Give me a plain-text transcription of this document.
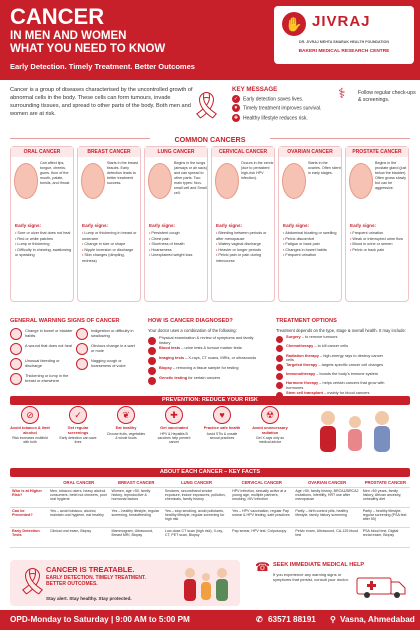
CANCER
IN MEN AND WOMEN
WHAT YOU NEED TO KNOW
Early Detection. Timely Treatment. Better Outcomes
✋ JIVRAJ
DR. JIVRAJ MEHTA SMARAK HEALTH FOUNDATION
BAKERI MEDICAL RESEARCH CENTRE

Cancer is a group of diseases characterised by the uncontrolled growth of abnormal cells in the body. These cells can form tumours, invade surrounding tissues, and spread to other parts of the body. Both men and women are at risk.	🎗
KEY MESSAGE
✓ Early detection saves lives.
♥ Timely treatment improves survival.
✚ Healthy lifestyle reduces risk.
⚕ Follow regular check-ups & screenings.
COMMON CANCERS
ORAL CANCER
Can affect lips, tongue, cheeks, gums, floor of the mouth, palate, tonsils, and throat.
Early signs:
• Sore or ulcer that does not heal
• Red or white patches
• Lump or thickening
• Difficulty in chewing, swallowing or speaking
BREAST CANCER
Starts in the breast tissues. Early detection leads to better treatment success.
Early signs:
• Lump or thickening in breast or underarm
• Change in size or shape
• Nipple inversion or discharge
• Skin changes (dimpling, redness)
LUNG CANCER
Begins in the lungs (airways or air sacs) and can spread to other parts. Two main types: Non-small cell and Small cell.
Early signs:
• Persistent cough
• Chest pain
• Shortness of breath
• Hoarseness
• Unexplained weight loss
CERVICAL CANCER
Occurs in the cervix (due to persistent high-risk HPV infection).
Early signs:
• Bleeding between periods or after menopause
• Watery vaginal discharge
• Heavier or longer periods
• Pelvic pain or pain during intercourse
OVARIAN CANCER
Starts in the ovaries. Often silent in early stages.
Early signs:
• Abdominal bloating or swelling
• Pelvic discomfort
• Fatigue or back pain
• Changes in bowel habits
• Frequent urination
PROSTATE CANCER
Begins in the prostate gland (just below the bladder). Often grows slowly but can be aggressive.
Early signs:
• Frequent urination
• Weak or interrupted urine flow
• Blood in urine or semen
• Pelvic or back pain
GENERAL WARNING SIGNS OF CANCER
Change in bowel or bladder habits
Indigestion or difficulty in swallowing
A wound that does not heal	Obvious change in a wart or mole
Unusual bleeding or discharge
Nagging cough or hoarseness of voice
Thickening or lump in the breast or elsewhere
HOW IS CANCER DIAGNOSED?
Your doctor uses a combination of the following:
Physical examination & review of symptoms and family history
Blood tests – urine tests & tumour marker tests
Imaging tests – X-rays, CT scans, MRIs, or ultrasounds
Biopsy – removing a tissue sample for testing
Genetic testing for certain cancers
TREATMENT OPTIONS
Treatment depends on the type, stage & overall health. It may include:
Surgery – to remove tumours
Chemotherapy – to kill cancer cells
Radiation therapy – high-energy rays to destroy cancer cells
Targeted therapy – targets specific cancer cell changes
Immunotherapy – boosts the body's immune system
Hormone therapy – helps certain cancers that grow with hormones
Stem cell transplant – mainly for blood cancers
PREVENTION: REDUCE YOUR RISK
⊘
Avoid tobacco & limit alcohol
Risk increases multifold with both
✓
Get regular screenings
Early detection can save lives
❦
Eat healthy
Choose fruits, vegetables & whole foods
✚
Get vaccinated
HPV & Hepatitis B vaccines help prevent cancer
♥
Practice safe health
Avoid STIs & unsafe sexual practices
☢
Avoid unnecessary radiation
Get X-rays only as medical advice
ABOUT EACH CANCER – KEY FACTS
	ORAL CANCER	BREAST CANCER	LUNG CANCER	CERVICAL CANCER	OVARIAN CANCER	PROSTATE CANCER
Who is at Higher Risk?	Men, tobacco users, heavy alcohol consumers, betel nut chewers, poor oral hygiene	Women, age >50, family history, reproductive & hormonal factors	Smokers, secondhand smoke exposure, indoor exposures, pollution, chemicals, family history	HPV infection, sexually active at a young age, multiple partners, smoking, HIV infection	Age >50, family history, BRCA1/BRCA2 mutations, infertility, HRT use after menopause	Men >50 years, family history, African ancestry, unhealthy diet
Can be Prevented?	Yes – avoid tobacco, alcohol, maintain oral hygiene, eat healthy	Yes – healthy lifestyle, regular screening, breastfeeding	Yes – stop smoking, avoid pollutants, healthy lifestyle, regular screening for high risk	Yes – HPV vaccination, regular Pap smear & HPV testing, safe practices	Partly – birth control pills, healthy lifestyle, family history screening	Partly – healthy lifestyle, regular screening (PSA test after 50)
Early Detection Tests	Clinical oral exam, Biopsy	Mammogram, Ultrasound, Breast MRI, Biopsy	Low-dose CT scan (high risk), X-ray, CT, PET scan, Biopsy	Pap smear, HPV test, Colposcopy	Pelvic exam, Ultrasound, CA-125 blood test	PSA blood test, Digital rectal exam, Biopsy
🎗
CANCER IS TREATABLE.
EARLY DETECTION. TIMELY TREATMENT.
BETTER OUTCOMES.
Stay alert. Stay healthy. Stay protected.
☎ SEEK IMMEDIATE MEDICAL HELP
If you experience any warning signs or symptoms that persist, consult your doctor.
OPD-Monday to Saturday | 9:00 AM to 5:00 PM	✆ 63571 88191 ⚲ Vasna, Ahmedabad
